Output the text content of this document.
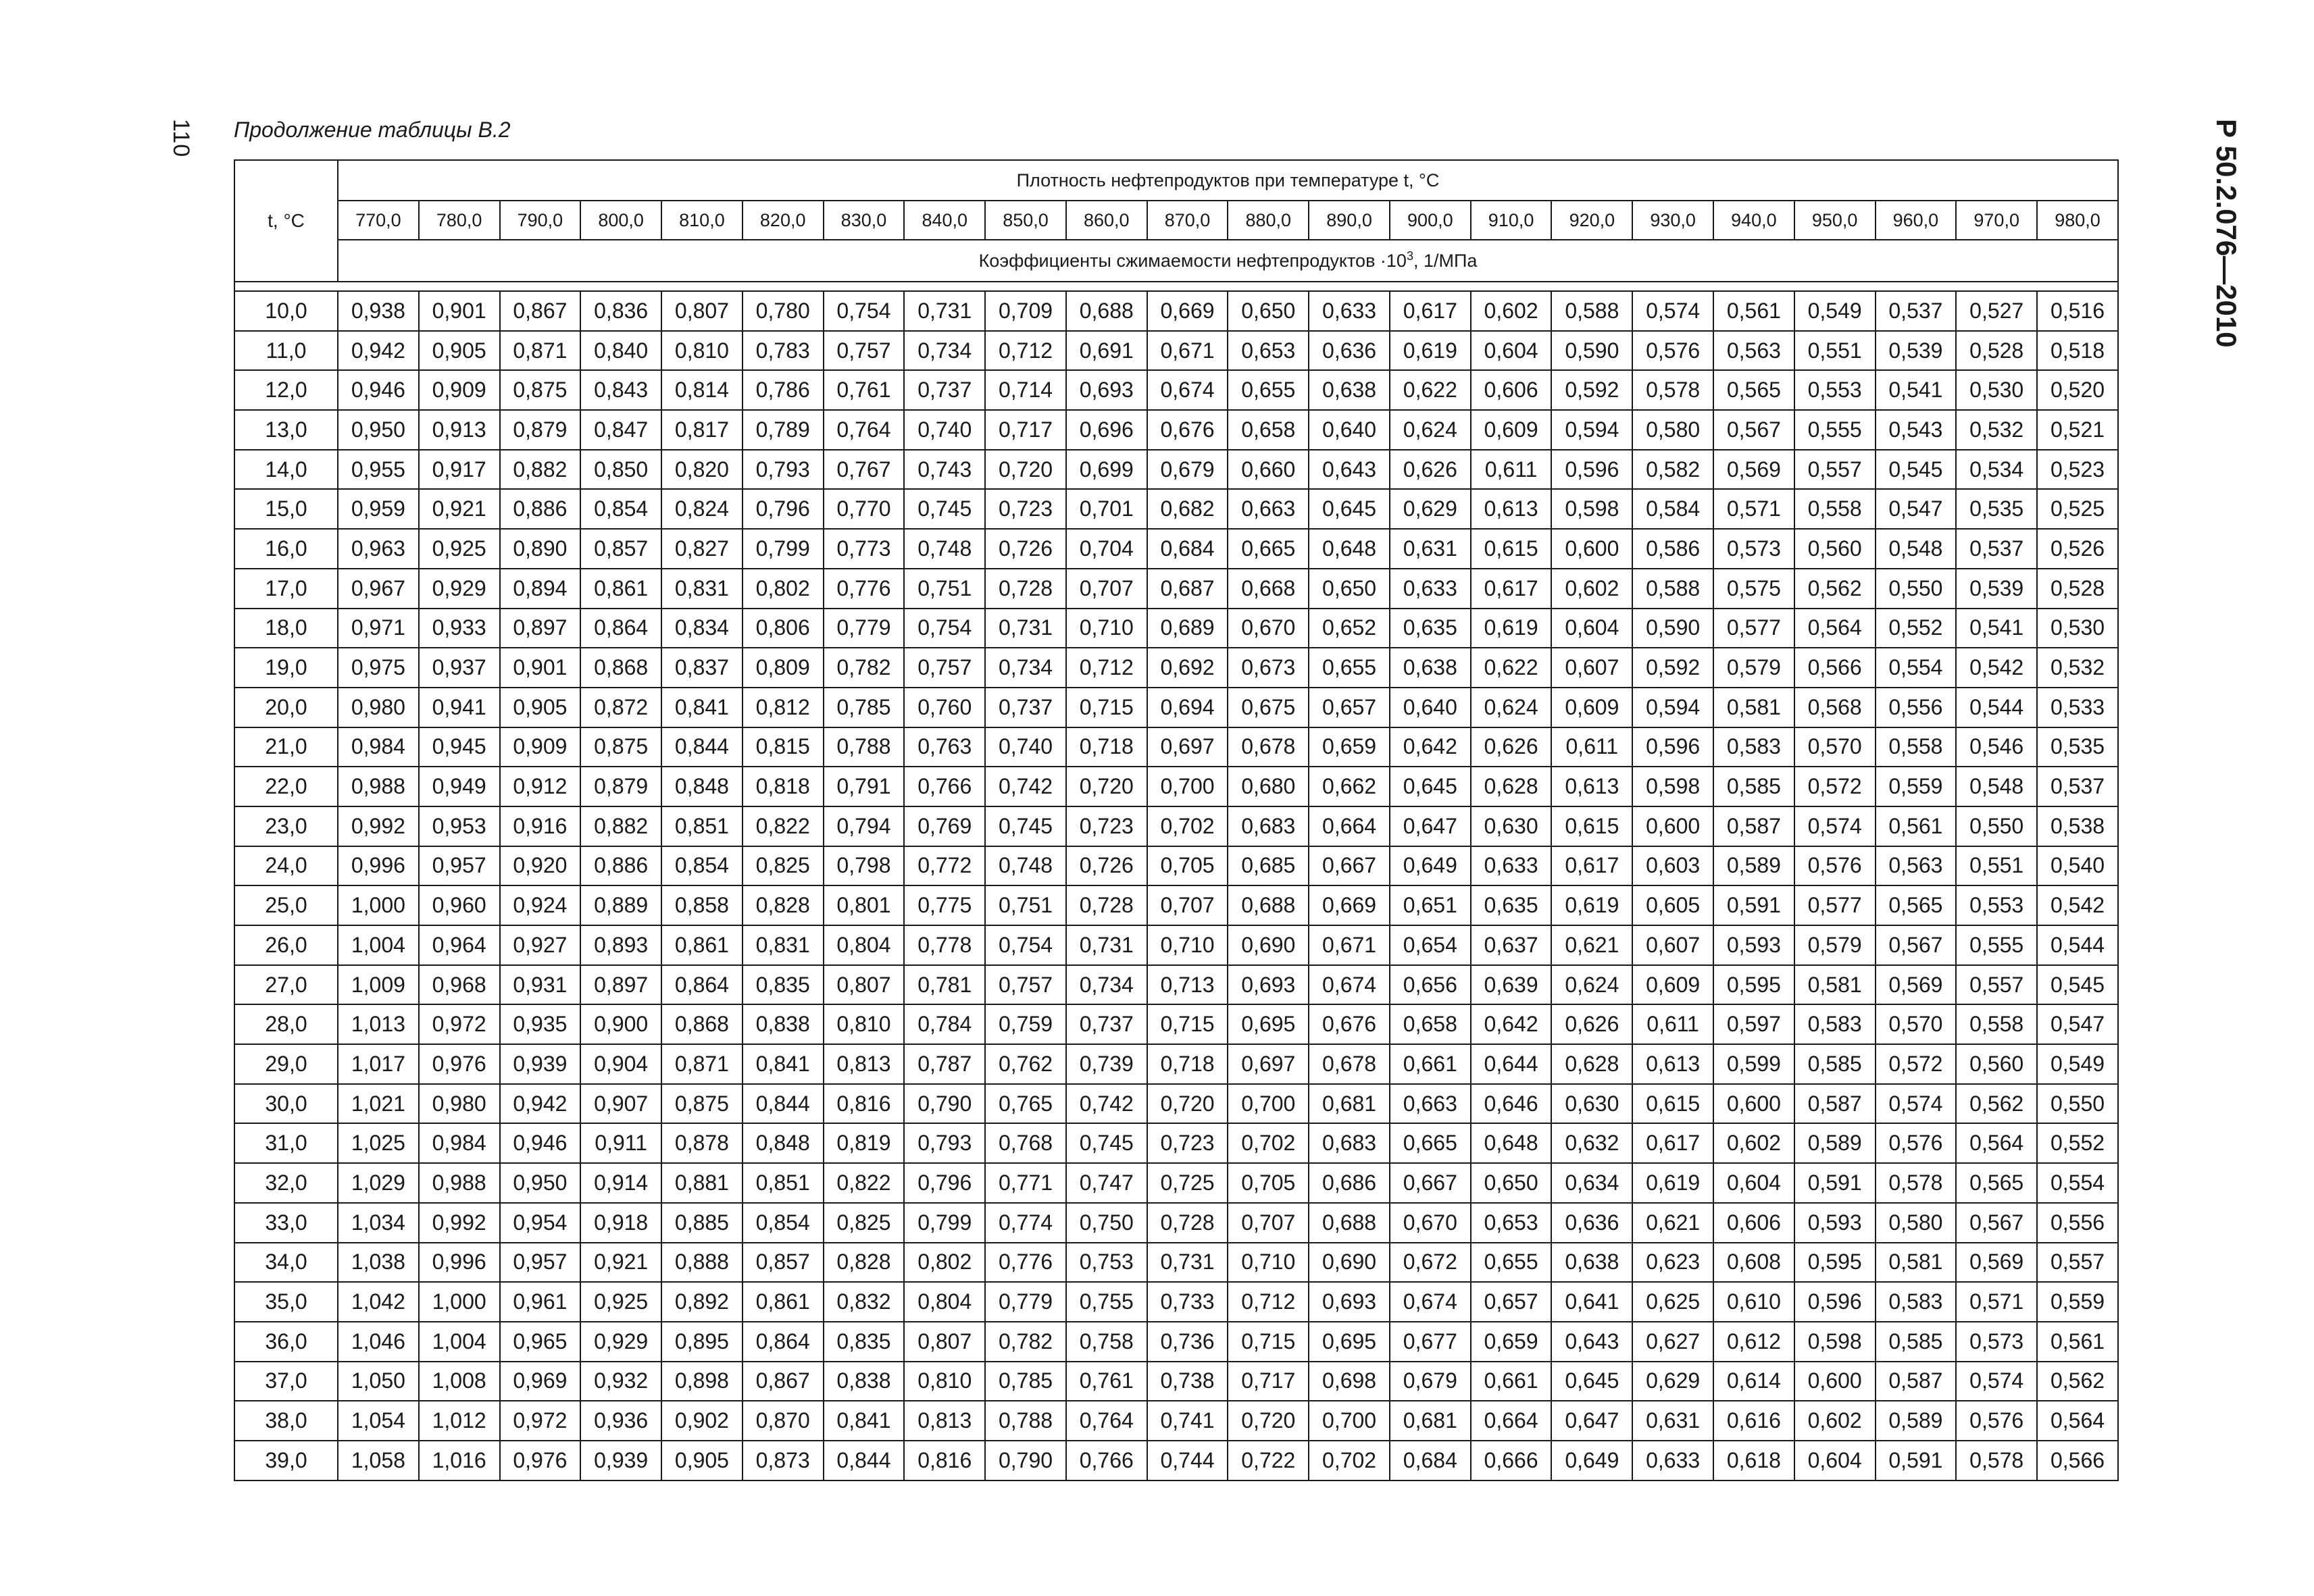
110	Р 50.2.076—2010
Продолжение таблицы В.2
t, °C	Плотность нефтепродуктов при температуре t, °C																					
	770,0	780,0	790,0	800,0	810,0	820,0	830,0	840,0	850,0	860,0	870,0	880,0	890,0	900,0	910,0	920,0	930,0	940,0	950,0	960,0	970,0	980,0
	Коэффициенты сжимаемости нефтепродуктов $\cdot 10^3$, 1/МПа																					

10,0	0,938	0,901	0,867	0,836	0,807	0,780	0,754	0,731	0,709	0,688	0,669	0,650	0,633	0,617	0,602	0,588	0,574	0,561	0,549	0,537	0,527	0,516
11,0	0,942	0,905	0,871	0,840	0,810	0,783	0,757	0,734	0,712	0,691	0,671	0,653	0,636	0,619	0,604	0,590	0,576	0,563	0,551	0,539	0,528	0,518
12,0	0,946	0,909	0,875	0,843	0,814	0,786	0,761	0,737	0,714	0,693	0,674	0,655	0,638	0,622	0,606	0,592	0,578	0,565	0,553	0,541	0,530	0,520
13,0	0,950	0,913	0,879	0,847	0,817	0,789	0,764	0,740	0,717	0,696	0,676	0,658	0,640	0,624	0,609	0,594	0,580	0,567	0,555	0,543	0,532	0,521
14,0	0,955	0,917	0,882	0,850	0,820	0,793	0,767	0,743	0,720	0,699	0,679	0,660	0,643	0,626	0,611	0,596	0,582	0,569	0,557	0,545	0,534	0,523
15,0	0,959	0,921	0,886	0,854	0,824	0,796	0,770	0,745	0,723	0,701	0,682	0,663	0,645	0,629	0,613	0,598	0,584	0,571	0,558	0,547	0,535	0,525
16,0	0,963	0,925	0,890	0,857	0,827	0,799	0,773	0,748	0,726	0,704	0,684	0,665	0,648	0,631	0,615	0,600	0,586	0,573	0,560	0,548	0,537	0,526
17,0	0,967	0,929	0,894	0,861	0,831	0,802	0,776	0,751	0,728	0,707	0,687	0,668	0,650	0,633	0,617	0,602	0,588	0,575	0,562	0,550	0,539	0,528
18,0	0,971	0,933	0,897	0,864	0,834	0,806	0,779	0,754	0,731	0,710	0,689	0,670	0,652	0,635	0,619	0,604	0,590	0,577	0,564	0,552	0,541	0,530
19,0	0,975	0,937	0,901	0,868	0,837	0,809	0,782	0,757	0,734	0,712	0,692	0,673	0,655	0,638	0,622	0,607	0,592	0,579	0,566	0,554	0,542	0,532
20,0	0,980	0,941	0,905	0,872	0,841	0,812	0,785	0,760	0,737	0,715	0,694	0,675	0,657	0,640	0,624	0,609	0,594	0,581	0,568	0,556	0,544	0,533
21,0	0,984	0,945	0,909	0,875	0,844	0,815	0,788	0,763	0,740	0,718	0,697	0,678	0,659	0,642	0,626	0,611	0,596	0,583	0,570	0,558	0,546	0,535
22,0	0,988	0,949	0,912	0,879	0,848	0,818	0,791	0,766	0,742	0,720	0,700	0,680	0,662	0,645	0,628	0,613	0,598	0,585	0,572	0,559	0,548	0,537
23,0	0,992	0,953	0,916	0,882	0,851	0,822	0,794	0,769	0,745	0,723	0,702	0,683	0,664	0,647	0,630	0,615	0,600	0,587	0,574	0,561	0,550	0,538
24,0	0,996	0,957	0,920	0,886	0,854	0,825	0,798	0,772	0,748	0,726	0,705	0,685	0,667	0,649	0,633	0,617	0,603	0,589	0,576	0,563	0,551	0,540
25,0	1,000	0,960	0,924	0,889	0,858	0,828	0,801	0,775	0,751	0,728	0,707	0,688	0,669	0,651	0,635	0,619	0,605	0,591	0,577	0,565	0,553	0,542
26,0	1,004	0,964	0,927	0,893	0,861	0,831	0,804	0,778	0,754	0,731	0,710	0,690	0,671	0,654	0,637	0,621	0,607	0,593	0,579	0,567	0,555	0,544
27,0	1,009	0,968	0,931	0,897	0,864	0,835	0,807	0,781	0,757	0,734	0,713	0,693	0,674	0,656	0,639	0,624	0,609	0,595	0,581	0,569	0,557	0,545
28,0	1,013	0,972	0,935	0,900	0,868	0,838	0,810	0,784	0,759	0,737	0,715	0,695	0,676	0,658	0,642	0,626	0,611	0,597	0,583	0,570	0,558	0,547
29,0	1,017	0,976	0,939	0,904	0,871	0,841	0,813	0,787	0,762	0,739	0,718	0,697	0,678	0,661	0,644	0,628	0,613	0,599	0,585	0,572	0,560	0,549
30,0	1,021	0,980	0,942	0,907	0,875	0,844	0,816	0,790	0,765	0,742	0,720	0,700	0,681	0,663	0,646	0,630	0,615	0,600	0,587	0,574	0,562	0,550
31,0	1,025	0,984	0,946	0,911	0,878	0,848	0,819	0,793	0,768	0,745	0,723	0,702	0,683	0,665	0,648	0,632	0,617	0,602	0,589	0,576	0,564	0,552
32,0	1,029	0,988	0,950	0,914	0,881	0,851	0,822	0,796	0,771	0,747	0,725	0,705	0,686	0,667	0,650	0,634	0,619	0,604	0,591	0,578	0,565	0,554
33,0	1,034	0,992	0,954	0,918	0,885	0,854	0,825	0,799	0,774	0,750	0,728	0,707	0,688	0,670	0,653	0,636	0,621	0,606	0,593	0,580	0,567	0,556
34,0	1,038	0,996	0,957	0,921	0,888	0,857	0,828	0,802	0,776	0,753	0,731	0,710	0,690	0,672	0,655	0,638	0,623	0,608	0,595	0,581	0,569	0,557
35,0	1,042	1,000	0,961	0,925	0,892	0,861	0,832	0,804	0,779	0,755	0,733	0,712	0,693	0,674	0,657	0,641	0,625	0,610	0,596	0,583	0,571	0,559
36,0	1,046	1,004	0,965	0,929	0,895	0,864	0,835	0,807	0,782	0,758	0,736	0,715	0,695	0,677	0,659	0,643	0,627	0,612	0,598	0,585	0,573	0,561
37,0	1,050	1,008	0,969	0,932	0,898	0,867	0,838	0,810	0,785	0,761	0,738	0,717	0,698	0,679	0,661	0,645	0,629	0,614	0,600	0,587	0,574	0,562
38,0	1,054	1,012	0,972	0,936	0,902	0,870	0,841	0,813	0,788	0,764	0,741	0,720	0,700	0,681	0,664	0,647	0,631	0,616	0,602	0,589	0,576	0,564
39,0	1,058	1,016	0,976	0,939	0,905	0,873	0,844	0,816	0,790	0,766	0,744	0,722	0,702	0,684	0,666	0,649	0,633	0,618	0,604	0,591	0,578	0,566
